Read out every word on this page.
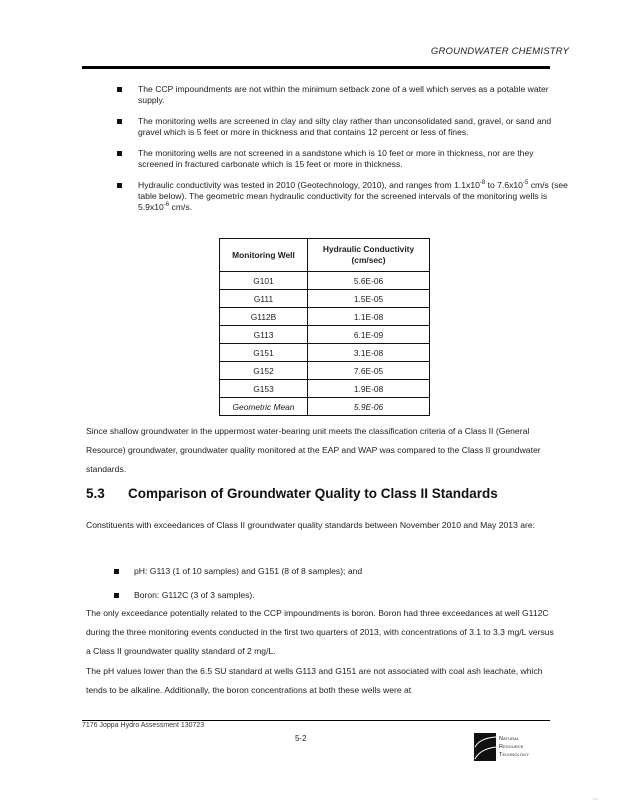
GROUNDWATER CHEMISTRY
The CCP impoundments are not within the minimum setback zone of a well which serves as a potable water supply.
The monitoring wells are screened in clay and silty clay rather than unconsolidated sand, gravel, or sand and gravel which is 5 feet or more in thickness and that contains 12 percent or less of fines.
The monitoring wells are not screened in a sandstone which is 10 feet or more in thickness, nor are they screened in fractured carbonate which is 15 feet or more in thickness.
Hydraulic conductivity was tested in 2010 (Geotechnology, 2010), and ranges from $1.1x10^{-8}$ to $7.6x10^{-5}$ cm/s (see table below). The geometric mean hydraulic conductivity for the screened intervals of the monitoring wells is $5.9x10^{-6}$ cm/s.
Monitoring Well	Hydraulic Conductivity (cm/sec)
G101	5.6E-06
G111	1.5E-05
G112B	1.1E-08
G113	6.1E-09
G151	3.1E-08
G152	7.6E-05
G153	1.9E-08
Geometric Mean	5.9E-06
Since shallow groundwater in the uppermost water-bearing unit meets the classification criteria of a Class II (General Resource) groundwater, groundwater quality monitored at the EAP and WAP was compared to the Class II groundwater standards.
5.3 Comparison of Groundwater Quality to Class II Standards
Constituents with exceedances of Class II groundwater quality standards between November 2010 and May 2013 are:
pH: G113 (1 of 10 samples) and G151 (8 of 8 samples); and
Boron: G112C (3 of 3 samples).
The only exceedance potentially related to the CCP impoundments is boron. Boron had three exceedances at well G112C during the three monitoring events conducted in the first two quarters of 2013, with concentrations of 3.1 to 3.3 mg/L versus a Class II groundwater quality standard of 2 mg/L.
The pH values lower than the 6.5 SU standard at wells G113 and G151 are not associated with coal ash leachate, which tends to be alkaline. Additionally, the boron concentrations at both these wells were at
7176 Joppa Hydro Assessment 130723
5-2	Natural
Resource
Technology
·-·-·
